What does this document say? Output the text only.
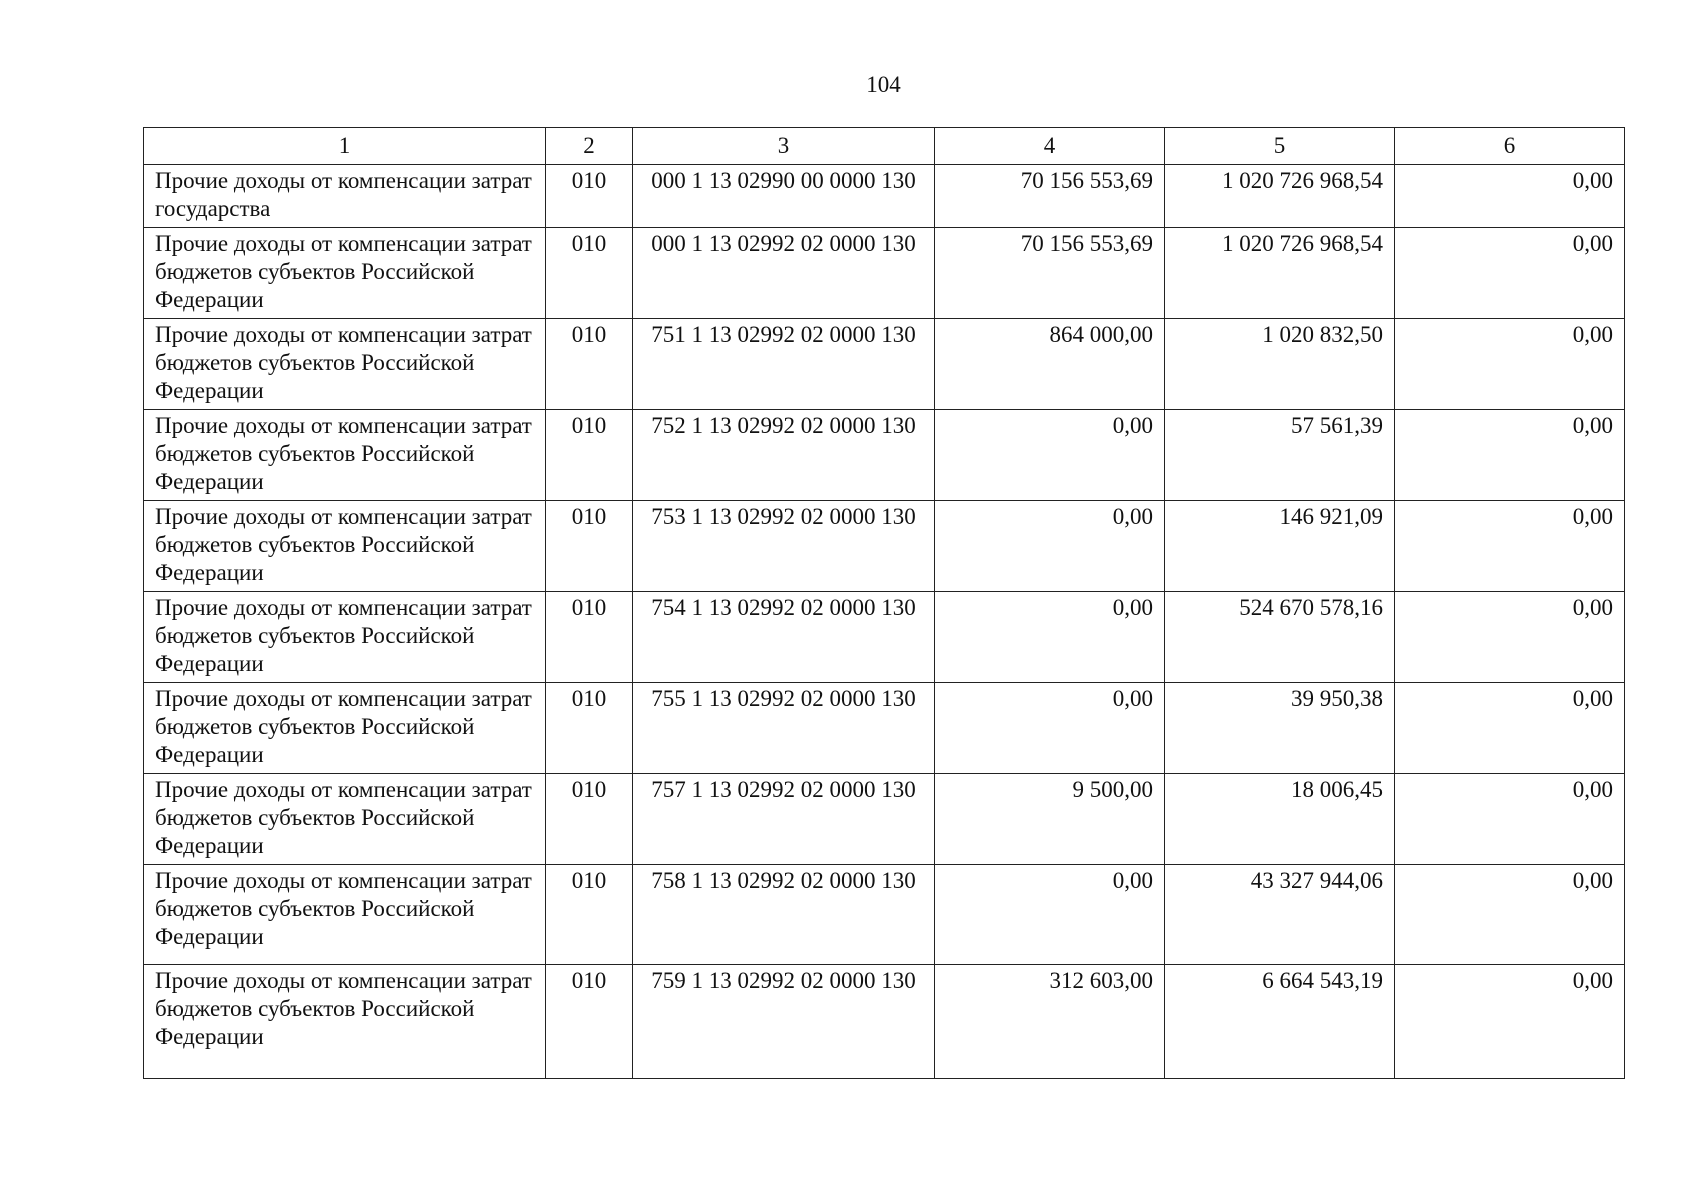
104
1	2	3	4	5	6
Прочие доходы от компенсации затрат государства	010	000 1 13 02990 00 0000 130	70 156 553,69	1 020 726 968,54	0,00
Прочие доходы от компенсации затрат бюджетов субъектов Российской Федерации	010	000 1 13 02992 02 0000 130	70 156 553,69	1 020 726 968,54	0,00
Прочие доходы от компенсации затрат бюджетов субъектов Российской Федерации	010	751 1 13 02992 02 0000 130	864 000,00	1 020 832,50	0,00
Прочие доходы от компенсации затрат бюджетов субъектов Российской Федерации	010	752 1 13 02992 02 0000 130	0,00	57 561,39	0,00
Прочие доходы от компенсации затрат бюджетов субъектов Российской Федерации	010	753 1 13 02992 02 0000 130	0,00	146 921,09	0,00
Прочие доходы от компенсации затрат бюджетов субъектов Российской Федерации	010	754 1 13 02992 02 0000 130	0,00	524 670 578,16	0,00
Прочие доходы от компенсации затрат бюджетов субъектов Российской Федерации	010	755 1 13 02992 02 0000 130	0,00	39 950,38	0,00
Прочие доходы от компенсации затрат бюджетов субъектов Российской Федерации	010	757 1 13 02992 02 0000 130	9 500,00	18 006,45	0,00
Прочие доходы от компенсации затрат бюджетов субъектов Российской Федерации	010	758 1 13 02992 02 0000 130	0,00	43 327 944,06	0,00
Прочие доходы от компенсации затрат бюджетов субъектов Российской Федерации	010	759 1 13 02992 02 0000 130	312 603,00	6 664 543,19	0,00
